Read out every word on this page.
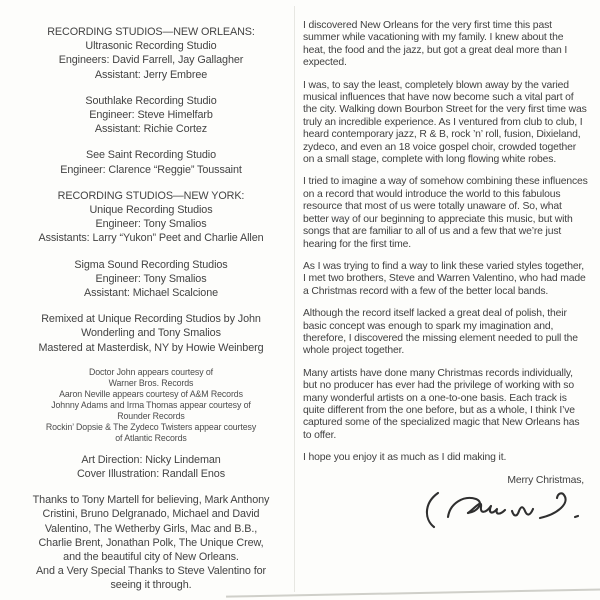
RECORDING STUDIOS—NEW ORLEANS:
Ultrasonic Recording Studio
Engineers: David Farrell, Jay Gallagher
Assistant: Jerry Embree
Southlake Recording Studio
Engineer: Steve Himelfarb
Assistant: Richie Cortez
See Saint Recording Studio
Engineer: Clarence “Reggie” Toussaint
RECORDING STUDIOS—NEW YORK:
Unique Recording Studios
Engineer: Tony Smalios
Assistants: Larry “Yukon” Peet and Charlie Allen
Sigma Sound Recording Studios
Engineer: Tony Smalios
Assistant: Michael Scalcione
Remixed at Unique Recording Studios by John
Wonderling and Tony Smalios
Mastered at Masterdisk, NY by Howie Weinberg
Doctor John appears courtesy of
Warner Bros. Records
Aaron Neville appears courtesy of A&M Records
Johnny Adams and Irma Thomas appear courtesy of
Rounder Records
Rockin’ Dopsie & The Zydeco Twisters appear courtesy
of Atlantic Records
Art Direction: Nicky Lindeman
Cover Illustration: Randall Enos
Thanks to Tony Martell for believing, Mark Anthony
Cristini, Bruno Delgranado, Michael and David
Valentino, The Wetherby Girls, Mac and B.B.,
Charlie Brent, Jonathan Polk, The Unique Crew,
and the beautiful city of New Orleans.
And a Very Special Thanks to Steve Valentino for
seeing it through.

I discovered New Orleans for the very first time this past summer while vacationing with my family. I knew about the heat, the food and the jazz, but got a great deal more than I expected.

I was, to say the least, completely blown away by the varied musical influences that have now become such a vital part of the city. Walking down Bourbon Street for the very first time was truly an incredible experience. As I ventured from club to club, I heard contemporary jazz, R & B, rock ’n’ roll, fusion, Dixieland, zydeco, and even an 18 voice gospel choir, crowded together on a small stage, complete with long flowing white robes.

I tried to imagine a way of somehow combining these influences on a record that would introduce the world to this fabulous resource that most of us were totally unaware of. So, what better way of our beginning to appreciate this music, but with songs that are familiar to all of us and a few that we’re just hearing for the first time.

As I was trying to find a way to link these varied styles together, I met two brothers, Steve and Warren Valentino, who had made a Christmas record with a few of the better local bands.

Although the record itself lacked a great deal of polish, their basic concept was enough to spark my imagination and, therefore, I discovered the missing element needed to pull the whole project together.

Many artists have done many Christmas records individually, but no producer has ever had the privilege of working with so many wonderful artists on a one-to-one basis. Each track is quite different from the one before, but as a whole, I think I’ve captured some of the specialized magic that New Orleans has to offer.

I hope you enjoy it as much as I did making it.

Merry Christmas,
